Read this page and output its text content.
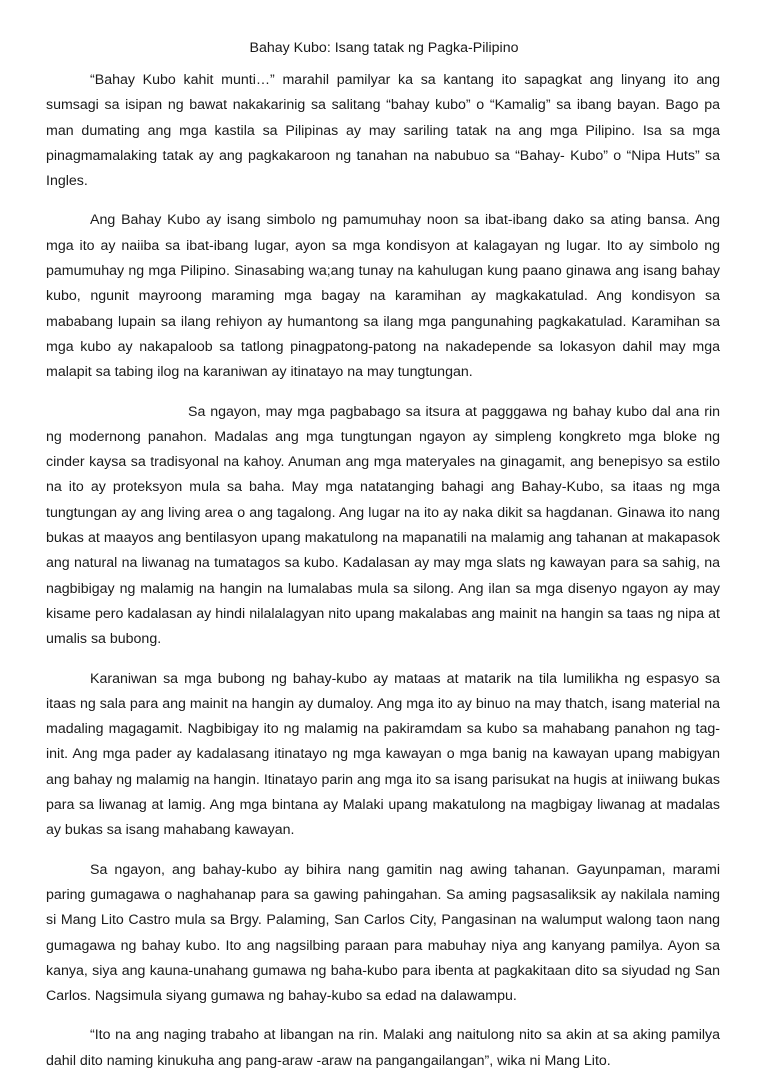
Bahay Kubo: Isang tatak ng Pagka-Pilipino

“Bahay Kubo kahit munti…” marahil pamilyar ka sa kantang ito sapagkat ang linyang ito ang sumsagi sa isipan ng bawat nakakarinig sa salitang “bahay kubo” o “Kamalig” sa ibang bayan. Bago pa man dumating ang mga kastila sa Pilipinas ay may sariling tatak na ang mga Pilipino. Isa sa mga pinagmamalaking tatak ay ang pagkakaroon ng tanahan na nabubuo sa “Bahay- Kubo” o “Nipa Huts” sa Ingles.

Ang Bahay Kubo ay isang simbolo ng pamumuhay noon sa ibat-ibang dako sa ating bansa. Ang mga ito ay naiiba sa ibat-ibang lugar, ayon sa mga kondisyon at kalagayan ng lugar. Ito ay simbolo ng pamumuhay ng mga Pilipino. Sinasabing wa;ang tunay na kahulugan kung paano ginawa ang isang bahay kubo, ngunit mayroong maraming mga bagay na karamihan ay magkakatulad. Ang kondisyon sa mababang lupain sa ilang rehiyon ay humantong sa ilang mga pangunahing pagkakatulad. Karamihan sa mga kubo ay nakapaloob sa tatlong pinagpatong-patong na nakadepende sa lokasyon dahil may mga malapit sa tabing ilog na karaniwan ay itinatayo na may tungtungan.

Sa ngayon, may mga pagbabago sa itsura at pagggawa ng bahay kubo dal ana rin ng modernong panahon. Madalas ang mga tungtungan ngayon ay simpleng kongkreto mga bloke ng cinder kaysa sa tradisyonal na kahoy. Anuman ang mga materyales na ginagamit, ang benepisyo sa estilo na ito ay proteksyon mula sa baha. May mga natatanging bahagi ang Bahay-Kubo, sa itaas ng mga tungtungan ay ang living area o ang tagalong. Ang lugar na ito ay naka dikit sa hagdanan. Ginawa ito nang bukas at maayos ang bentilasyon upang makatulong na mapanatili na malamig ang tahanan at makapasok ang natural na liwanag na tumatagos sa kubo. Kadalasan ay may mga slats ng kawayan para sa sahig, na nagbibigay ng malamig na hangin na lumalabas mula sa silong. Ang ilan sa mga disenyo ngayon ay may kisame pero kadalasan ay hindi nilalalagyan nito upang makalabas ang mainit na hangin sa taas ng nipa at umalis sa bubong.

Karaniwan sa mga bubong ng bahay-kubo ay mataas at matarik na tila lumilikha ng espasyo sa itaas ng sala para ang mainit na hangin ay dumaloy. Ang mga ito ay binuo na may thatch, isang material na madaling magagamit. Nagbibigay ito ng malamig na pakiramdam sa kubo sa mahabang panahon ng tag-init. Ang mga pader ay kadalasang itinatayo ng mga kawayan o mga banig na kawayan upang mabigyan ang bahay ng malamig na hangin. Itinatayo parin ang mga ito sa isang parisukat na hugis at iniiwang bukas para sa liwanag at lamig. Ang mga bintana ay Malaki upang makatulong na magbigay liwanag at madalas ay bukas sa isang mahabang kawayan.

Sa ngayon, ang bahay-kubo ay bihira nang gamitin nag awing tahanan. Gayunpaman, marami paring gumagawa o naghahanap para sa gawing pahingahan. Sa aming pagsasaliksik ay nakilala naming si Mang Lito Castro mula sa Brgy. Palaming, San Carlos City, Pangasinan na walumput walong taon nang gumagawa ng bahay kubo. Ito ang nagsilbing paraan para mabuhay niya ang kanyang pamilya. Ayon sa kanya, siya ang kauna-unahang gumawa ng baha-kubo para ibenta at pagkakitaan dito sa siyudad ng San Carlos. Nagsimula siyang gumawa ng bahay-kubo sa edad na dalawampu.

“Ito na ang naging trabaho at libangan na rin. Malaki ang naitulong nito sa akin at sa aking pamilya dahil dito naming kinukuha ang pang-araw -araw na pangangailangan”, wika ni Mang Lito.
